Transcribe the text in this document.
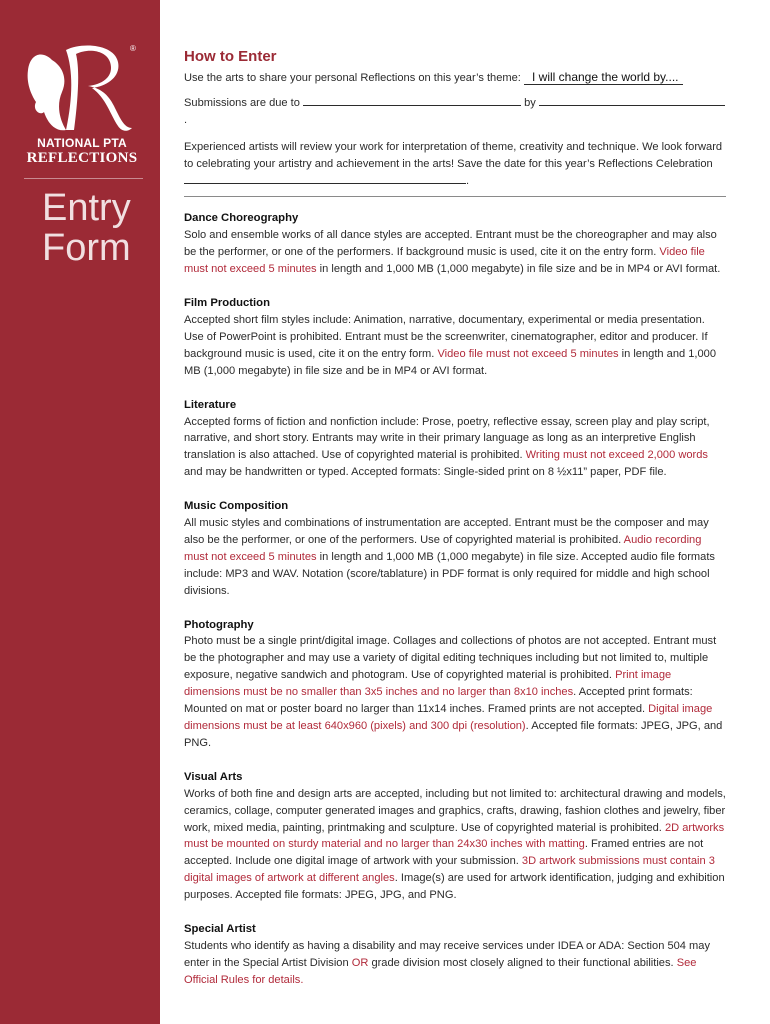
®
NATIONAL PTA
REFLECTIONS
Entry
Form
How to Enter

Use the arts to share your personal Reflections on this year’s theme: I will change the world by....

Submissions are due to	by .

Experienced artists will review your work for interpretation of theme, creativity and technique. We look forward to celebrating your artistry and achievement in the arts! Save the date for this year’s Reflections Celebration .

Dance Choreography

Solo and ensemble works of all dance styles are accepted. Entrant must be the choreographer and may also be the performer, or one of the performers. If background music is used, cite it on the entry form. Video file must not exceed 5 minutes in length and 1,000 MB (1,000 megabyte) in file size and be in MP4 or AVI format.

Film Production

Accepted short film styles include: Animation, narrative, documentary, experimental or media presentation. Use of PowerPoint is prohibited. Entrant must be the screenwriter, cinematographer, editor and producer. If background music is used, cite it on the entry form. Video file must not exceed 5 minutes in length and 1,000 MB (1,000 megabyte) in file size and be in MP4 or AVI format.

Literature

Accepted forms of fiction and nonfiction include: Prose, poetry, reflective essay, screen play and play script, narrative, and short story. Entrants may write in their primary language as long as an interpretive English translation is also attached. Use of copyrighted material is prohibited. Writing must not exceed 2,000 words and may be handwritten or typed. Accepted formats: Single-sided print on 8 ½x11” paper, PDF file.

Music Composition

All music styles and combinations of instrumentation are accepted. Entrant must be the composer and may also be the performer, or one of the performers. Use of copyrighted material is prohibited. Audio recording must not exceed 5 minutes in length and 1,000 MB (1,000 megabyte) in file size. Accepted audio file formats include: MP3 and WAV. Notation (score/tablature) in PDF format is only required for middle and high school divisions.

Photography

Photo must be a single print/digital image. Collages and collections of photos are not accepted. Entrant must be the photographer and may use a variety of digital editing techniques including but not limited to, multiple exposure, negative sandwich and photogram. Use of copyrighted material is prohibited. Print image dimensions must be no smaller than 3x5 inches and no larger than 8x10 inches. Accepted print formats: Mounted on mat or poster board no larger than 11x14 inches. Framed prints are not accepted. Digital image dimensions must be at least 640x960 (pixels) and 300 dpi (resolution). Accepted file formats: JPEG, JPG, and PNG.

Visual Arts

Works of both fine and design arts are accepted, including but not limited to: architectural drawing and models, ceramics, collage, computer generated images and graphics, crafts, drawing, fashion clothes and jewelry, fiber work, mixed media, painting, printmaking and sculpture. Use of copyrighted material is prohibited. 2D artworks must be mounted on sturdy material and no larger than 24x30 inches with matting. Framed entries are not accepted. Include one digital image of artwork with your submission. 3D artwork submissions must contain 3 digital images of artwork at different angles. Image(s) are used for artwork identification, judging and exhibition purposes. Accepted file formats: JPEG, JPG, and PNG.

Special Artist

Students who identify as having a disability and may receive services under IDEA or ADA: Section 504 may enter in the Special Artist Division OR grade division most closely aligned to their functional abilities. See Official Rules for details.
